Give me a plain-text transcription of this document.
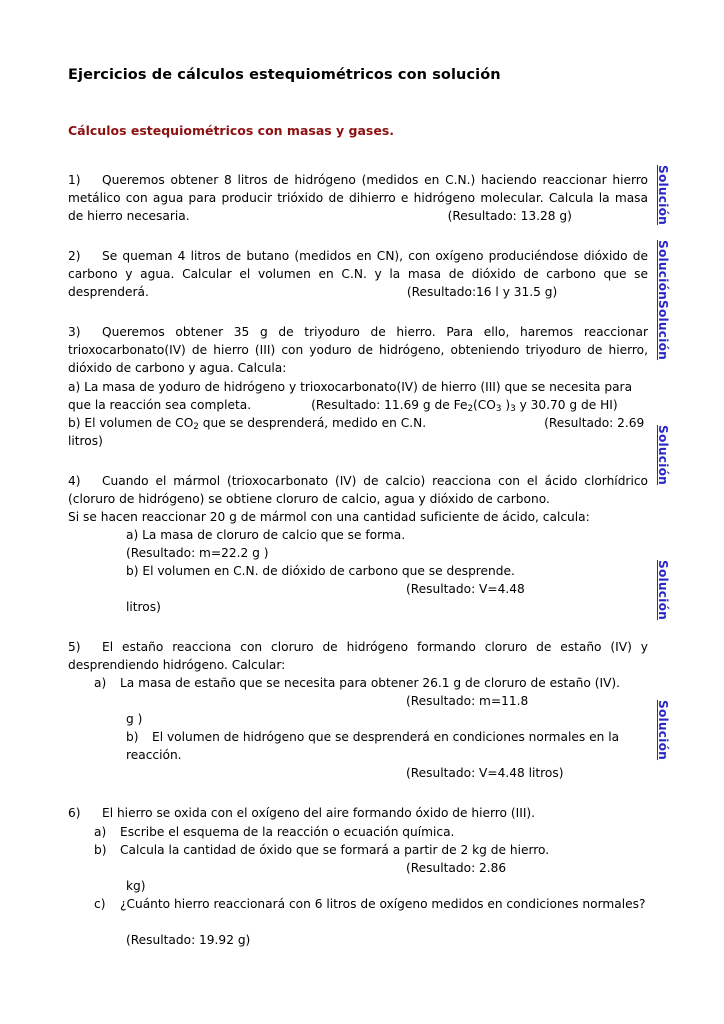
Ejercicios de cálculos estequiométricos con solución
Cálculos estequiométricos con masas y gases.

1) Queremos obtener 8 litros de hidrógeno (medidos en C.N.) haciendo reaccionar hierro metálico con agua para producir trióxido de dihierro e hidrógeno molecular. Calcula la masa de hierro necesaria.	(Resultado: 13.28 g)

2) Se queman 4 litros de butano (medidos en CN), con oxígeno produciéndose dióxido de carbono y agua. Calcular el volumen en C.N. y la masa de dióxido de carbono que se desprenderá.	(Resultado:16 l y 31.5 g)

3) Queremos obtener 35 g de triyoduro de hierro. Para ello, haremos reaccionar trioxocarbonato(IV) de hierro (III) con yoduro de hidrógeno, obteniendo triyoduro de hierro, dióxido de carbono y agua. Calcula:

a) La masa de yoduro de hidrógeno y trioxocarbonato(IV) de hierro (III) que se necesita para que la reacción sea completa.	(Resultado: 11.69 g de $Fe_2(CO_3$ )$_3$ y 30.70 g de HI)

b) El volumen de $CO_2$ que se desprenderá, medido en C.N.	(Resultado: 2.69 litros)

4) Cuando el mármol (trioxocarbonato (IV) de calcio) reacciona con el ácido clorhídrico (cloruro de hidrógeno) se obtiene cloruro de calcio, agua y dióxido de carbono.

Si se hacen reaccionar 20 g de mármol con una cantidad suficiente de ácido, calcula:

a) La masa de cloruro de calcio que se forma.(Resultado: m=22.2 g )

b) El volumen en C.N. de dióxido de carbono que se desprende.

(Resultado: V=4.48

litros)

5) El estaño reacciona con cloruro de hidrógeno formando cloruro de estaño (IV) y desprendiendo hidrógeno. Calcular:

a) La masa de estaño que se necesita para obtener 26.1 g de cloruro de estaño (IV).

(Resultado: m=11.8

g )

b) El volumen de hidrógeno que se desprenderá en condiciones normales en la reacción.

(Resultado: V=4.48 litros)

6) El hierro se oxida con el oxígeno del aire formando óxido de hierro (III).

a) Escribe el esquema de la reacción o ecuación química.

b) Calcula la cantidad de óxido que se formará a partir de 2 kg de hierro.

(Resultado: 2.86

kg)

c) ¿Cuánto hierro reaccionará con 6 litros de oxígeno medidos en condiciones normales?

(Resultado: 19.92 g)

Solución
Solución
Solución
Solución
Solución
Solución
